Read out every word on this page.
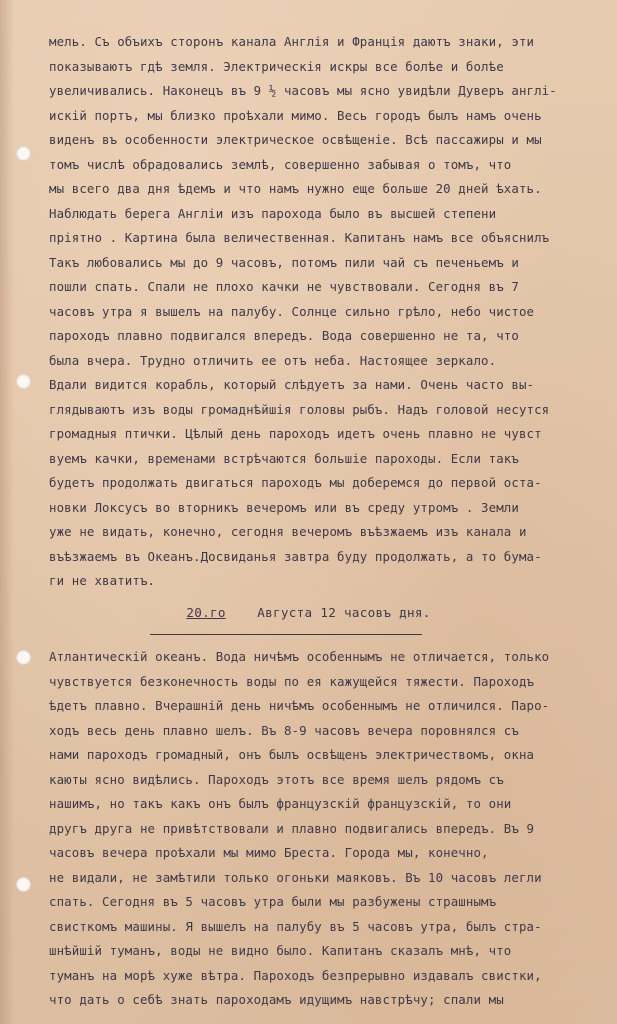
мель. Съ объихъ сторонъ канала Англія и Франція даютъ знаки, эти
показываютъ гдѣ земля. Электрическія искры все болѣе и болѣе
увеличивались. Наконецъ въ 9 ½ часовъ мы ясно увидѣли Дуверъ англі-
искій портъ, мы близко проѣхали мимо. Весь городъ былъ намъ очень
виденъ въ особенности электрическое освѣщеніе. Всѣ пассажиры и мы
томъ числѣ обрадовались землѣ, совершенно забывая о томъ, что
мы всего два дня ѣдемъ и что намъ нужно еще больше 20 дней ѣхать.
Наблюдать берега Англіи изъ парохода было въ высшей степени
пріятно . Картина была величественная. Капитанъ намъ все объяснилъ
Такъ любовались мы до 9 часовъ, потомъ пили чай съ печеньемъ и
пошли спать. Спали не плохо качки не чувствовали. Сегодня въ 7
часовъ утра я вышелъ на палубу. Солнце сильно грѣло, небо чистое
пароходъ плавно подвигался впередъ. Вода совершенно не та, что
была вчера. Трудно отличить ее отъ неба. Настоящее зеркало.
Вдали видится корабль, который слѣдуетъ за нами. Очень часто вы-
глядываютъ изъ воды громаднѣйшія головы рыбъ. Надъ головой несутся
громадныя птички. Цѣлый день пароходъ идетъ очень плавно не чувст
вуемъ качки, временами встрѣчаются большіе пароходы. Если такъ
будетъ продолжать двигаться пароходъ мы доберемся до первой оста-
новки Локсусъ во вторникъ вечеромъ или въ среду утромъ . Земли
уже не видать, конечно, сегодня вечеромъ въѣзжаемъ изъ канала и
въѣзжаемъ въ Океанъ.Досвиданья завтра буду продолжать, а то бума-
ги не хватитъ.
20.го	Августа 12 часовъ дня.
Атлантическій океанъ. Вода ничѣмъ особеннымъ не отличается, только
чувствуется безконечность воды по ея кажущейся тяжести. Пароходъ
ѣдетъ плавно. Вчерашній день ничѣмъ особеннымъ не отличился. Паро-
ходъ весь день плавно шелъ. Въ 8-9 часовъ вечера поровнялся съ
нами пароходъ громадный, онъ былъ освѣщенъ электричествомъ, окна
каюты ясно видѣлись. Пароходъ этотъ все время шелъ рядомъ съ
нашимъ, но такъ какъ онъ былъ французскій французскій, то они
другъ друга не привѣтствовали и плавно подвигались впередъ. Въ 9
часовъ вечера проѣхали мы мимо Бреста. Города мы, конечно,
не видали, не замѣтили только огоньки маяковъ. Въ 10 часовъ легли
спать. Сегодня въ 5 часовъ утра были мы разбужены страшнымъ
свисткомъ машины. Я вышелъ на палубу въ 5 часовъ утра, былъ стра-
шнѣйшій туманъ, воды не видно было. Капитанъ сказалъ мнѣ, что
туманъ на морѣ хуже вѣтра. Пароходъ безпрерывно издавалъ свистки,
что дать о себѣ знать пароходамъ идущимъ навстрѣчу; спали мы
